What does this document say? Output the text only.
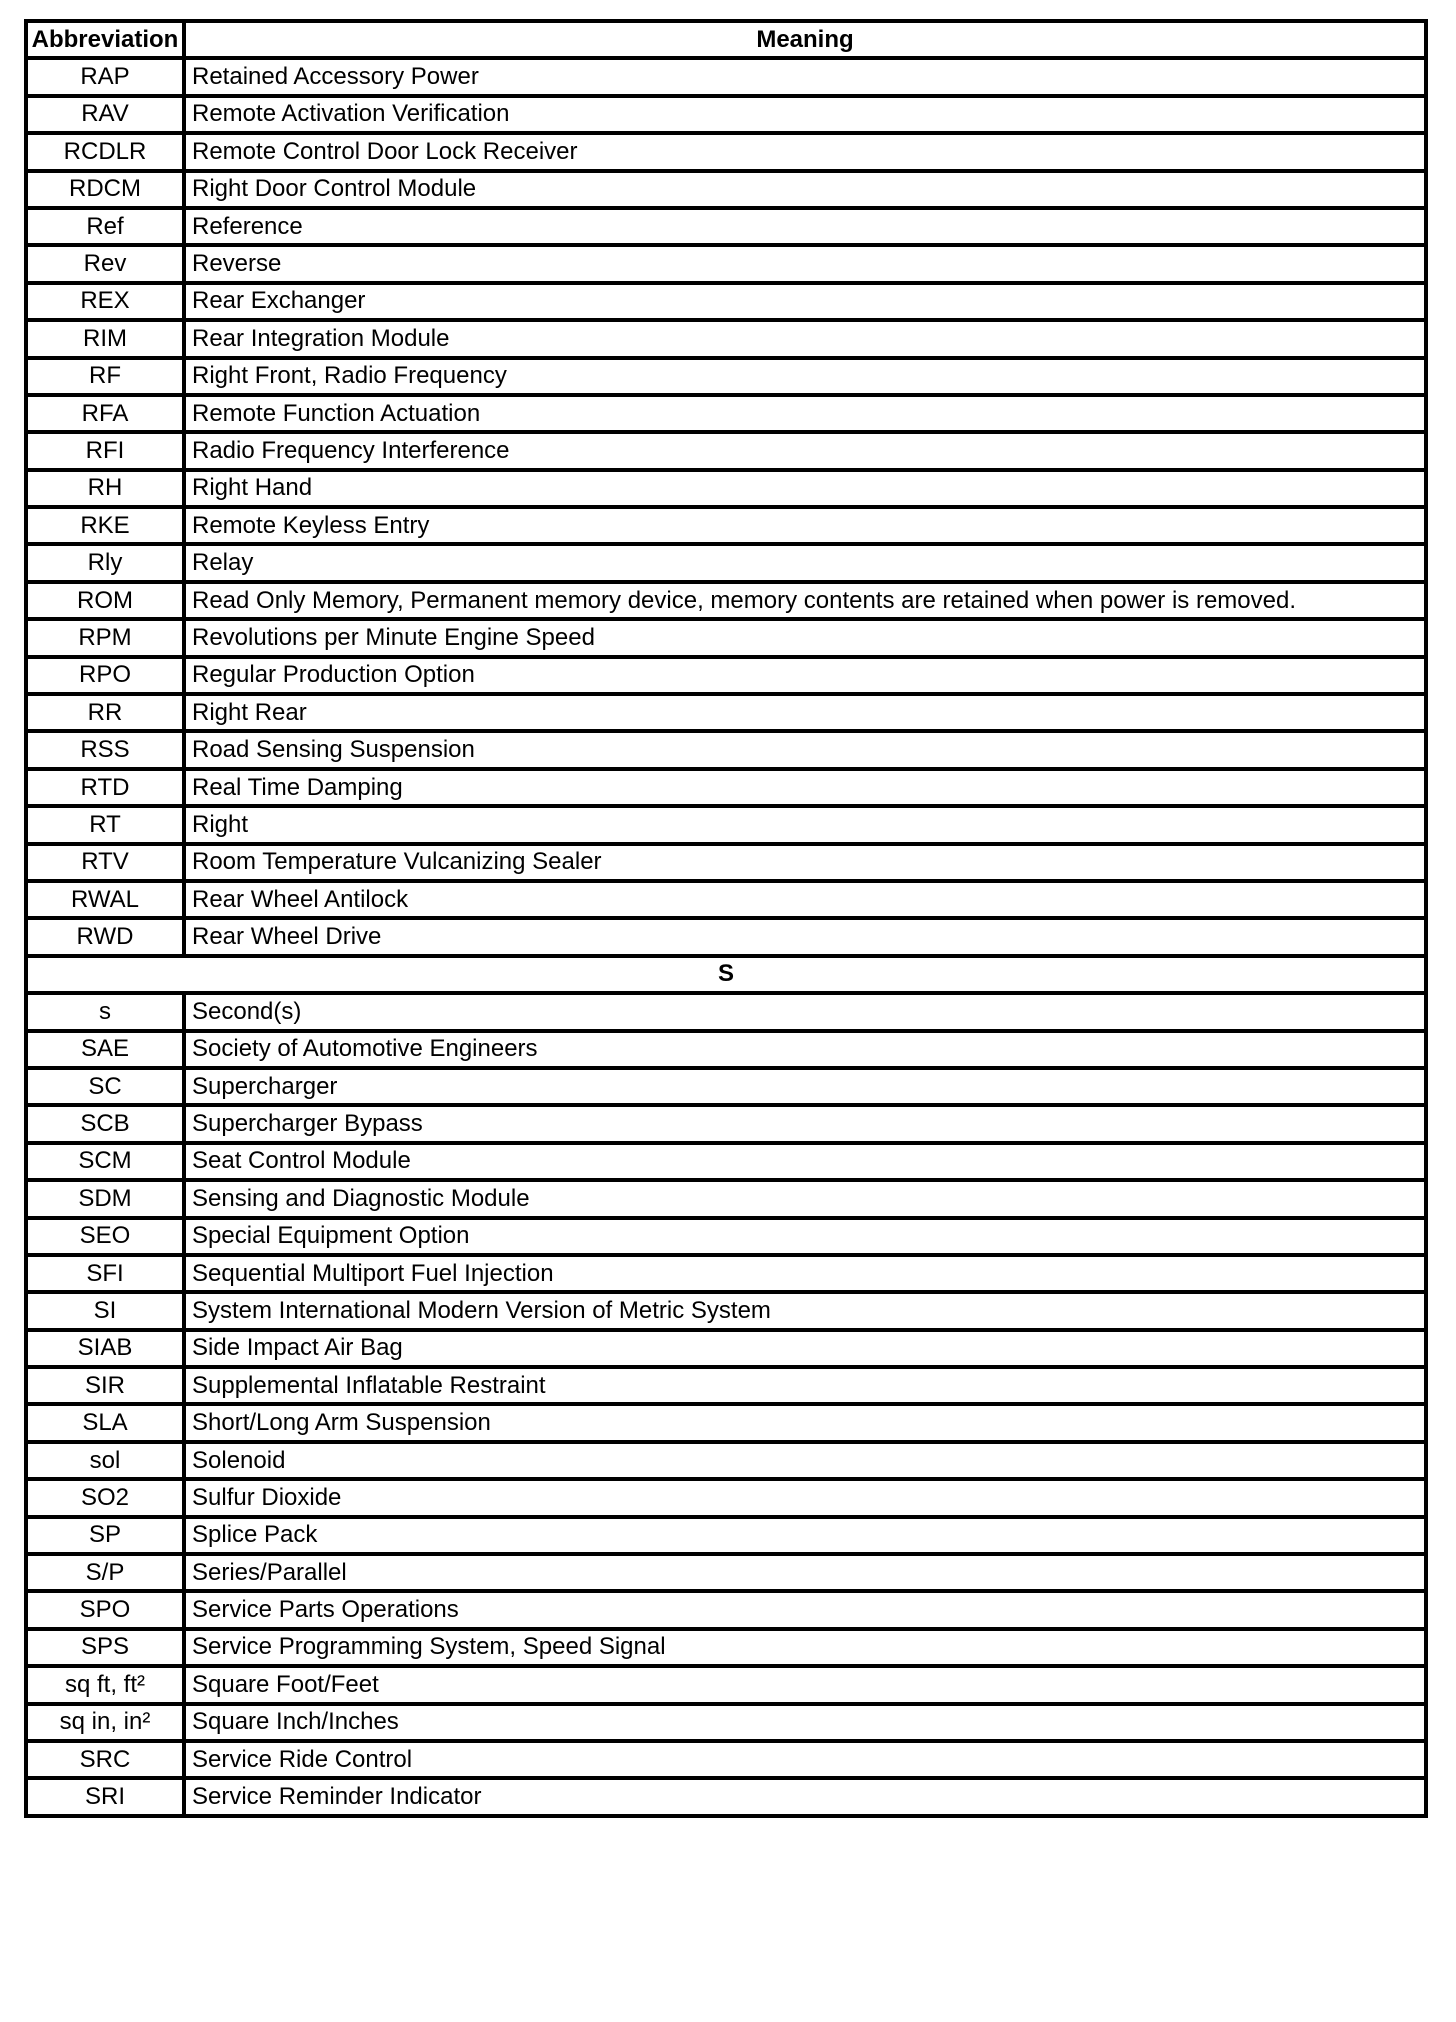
Abbreviation	Meaning
RAP	Retained Accessory Power
RAV	Remote Activation Verification
RCDLR	Remote Control Door Lock Receiver
RDCM	Right Door Control Module
Ref	Reference
Rev	Reverse
REX	Rear Exchanger
RIM	Rear Integration Module
RF	Right Front, Radio Frequency
RFA	Remote Function Actuation
RFI	Radio Frequency Interference
RH	Right Hand
RKE	Remote Keyless Entry
Rly	Relay
ROM	Read Only Memory, Permanent memory device, memory contents are retained when power is removed.
RPM	Revolutions per Minute Engine Speed
RPO	Regular Production Option
RR	Right Rear
RSS	Road Sensing Suspension
RTD	Real Time Damping
RT	Right
RTV	Room Temperature Vulcanizing Sealer
RWAL	Rear Wheel Antilock
RWD	Rear Wheel Drive
S	
s	Second(s)
SAE	Society of Automotive Engineers
SC	Supercharger
SCB	Supercharger Bypass
SCM	Seat Control Module
SDM	Sensing and Diagnostic Module
SEO	Special Equipment Option
SFI	Sequential Multiport Fuel Injection
SI	System International Modern Version of Metric System
SIAB	Side Impact Air Bag
SIR	Supplemental Inflatable Restraint
SLA	Short/Long Arm Suspension
sol	Solenoid
SO2	Sulfur Dioxide
SP	Splice Pack
S/P	Series/Parallel
SPO	Service Parts Operations
SPS	Service Programming System, Speed Signal
sq ft, ft²	Square Foot/Feet
sq in, in²	Square Inch/Inches
SRC	Service Ride Control
SRI	Service Reminder Indicator
